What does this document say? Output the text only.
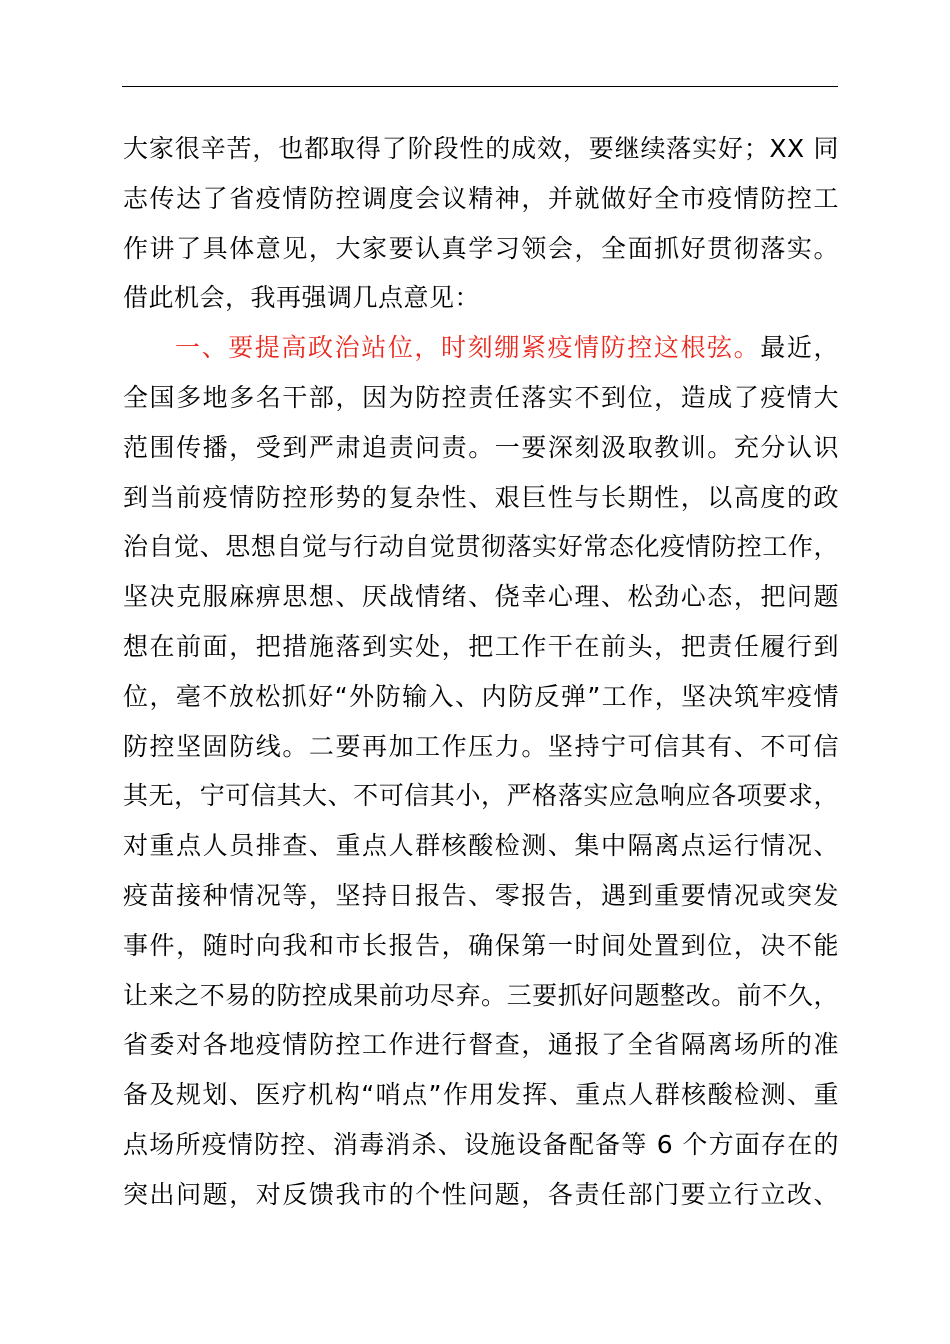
大家很辛苦，也都取得了阶段性的成效，要继续落实好；XX 同
志传达了省疫情防控调度会议精神，并就做好全市疫情防控工
作讲了具体意见，大家要认真学习领会，全面抓好贯彻落实。
借此机会，我再强调几点意见：
一、要提高政治站位，时刻绷紧疫情防控这根弦。最近，
全国多地多名干部，因为防控责任落实不到位，造成了疫情大
范围传播，受到严肃追责问责。一要深刻汲取教训。充分认识
到当前疫情防控形势的复杂性、艰巨性与长期性，以高度的政
治自觉、思想自觉与行动自觉贯彻落实好常态化疫情防控工作，
坚决克服麻痹思想、厌战情绪、侥幸心理、松劲心态，把问题
想在前面，把措施落到实处，把工作干在前头，把责任履行到
位，毫不放松抓好“外防输入、内防反弹”工作，坚决筑牢疫情
防控坚固防线。二要再加工作压力。坚持宁可信其有、不可信
其无，宁可信其大、不可信其小，严格落实应急响应各项要求，
对重点人员排查、重点人群核酸检测、集中隔离点运行情况、
疫苗接种情况等，坚持日报告、零报告，遇到重要情况或突发
事件，随时向我和市长报告，确保第一时间处置到位，决不能
让来之不易的防控成果前功尽弃。三要抓好问题整改。前不久，
省委对各地疫情防控工作进行督查，通报了全省隔离场所的准
备及规划、医疗机构“哨点”作用发挥、重点人群核酸检测、重
点场所疫情防控、消毒消杀、设施设备配备等 6 个方面存在的
突出问题，对反馈我市的个性问题，各责任部门要立行立改、
